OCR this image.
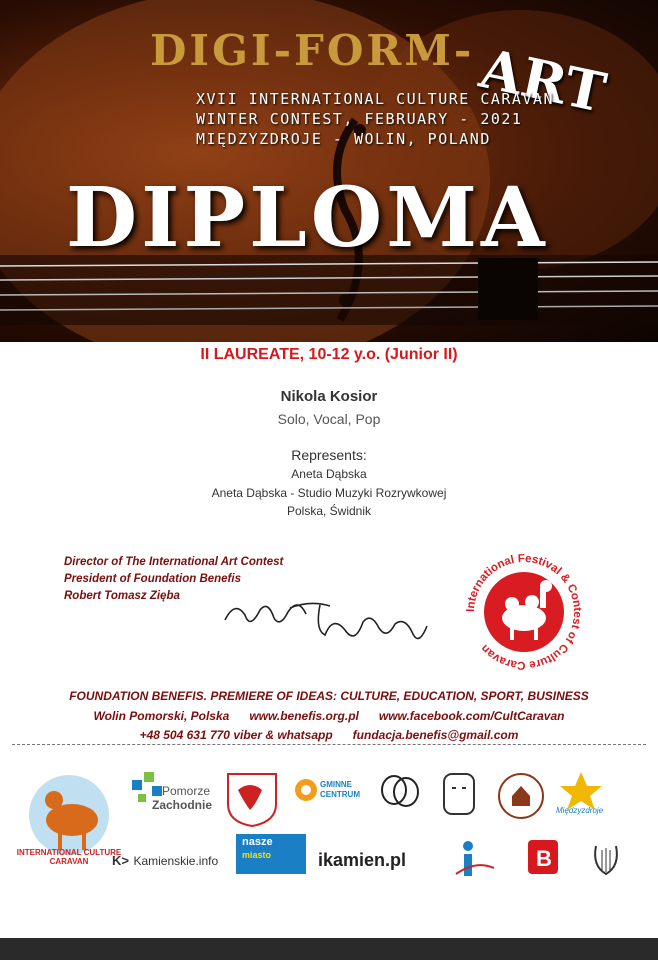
DIGI-FORM- ART
XVII INTERNATIONAL CULTURE CARAVAN
WINTER CONTEST, FEBRUARY - 2021
MIĘDZYZDROJE - WOLIN, POLAND
DIPLOMA
II LAUREATE, 10-12 y.o. (Junior II)
Nikola Kosior
Solo, Vocal, Pop
Represents:
Aneta Dąbska
Aneta Dąbska - Studio Muzyki Rozrywkowej
Polska, Świdnik
Director of The International Art Contest
President of Foundation Benefis
Robert Tomasz Zięba
International Festival & Contest of Culture Caravan
FOUNDATION BENEFIS. PREMIERE OF IDEAS: CULTURE, EDUCATION, SPORT, BUSINESS
Wolin Pomorski, Polska      www.benefis.org.pl      www.facebook.com/CultCaravan
+48 504 631 770 viber & whatsapp      fundacja.benefis@gmail.com
INTERNATIONAL CULTURE CARAVAN
Pomorze
Zachodnie
GMINNE
CENTRUM
Międzyzdroje
K> Kamienskie.info
nasze
miasto	ikamien.pl	B
